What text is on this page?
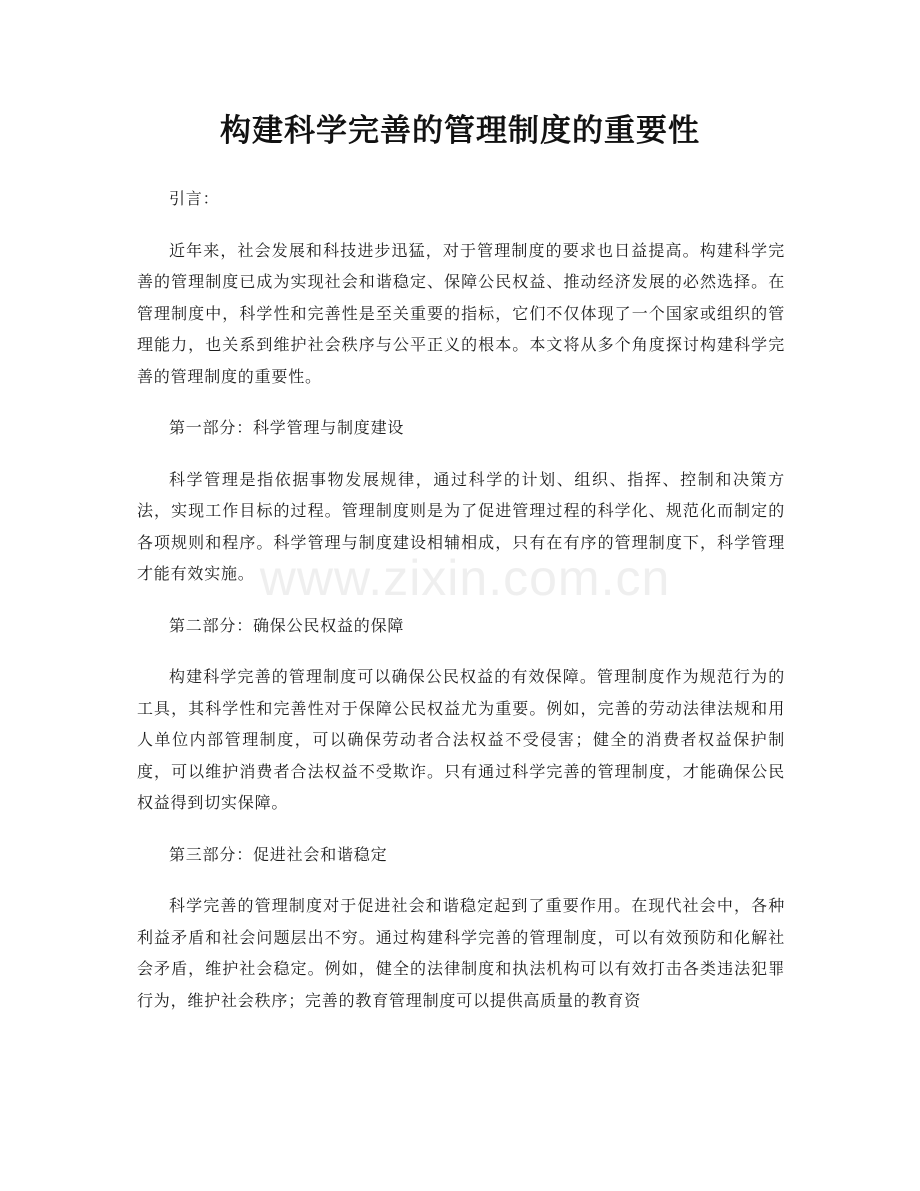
构建科学完善的管理制度的重要性

引言：

近年来，社会发展和科技进步迅猛，对于管理制度的要求也日益提高。构建科学完善的管理制度已成为实现社会和谐稳定、保障公民权益、推动经济发展的必然选择。在管理制度中，科学性和完善性是至关重要的指标，它们不仅体现了一个国家或组织的管理能力，也关系到维护社会秩序与公平正义的根本。本文将从多个角度探讨构建科学完善的管理制度的重要性。

第一部分：科学管理与制度建设

科学管理是指依据事物发展规律，通过科学的计划、组织、指挥、控制和决策方法，实现工作目标的过程。管理制度则是为了促进管理过程的科学化、规范化而制定的各项规则和程序。科学管理与制度建设相辅相成，只有在有序的管理制度下，科学管理才能有效实施。

第二部分：确保公民权益的保障

构建科学完善的管理制度可以确保公民权益的有效保障。管理制度作为规范行为的工具，其科学性和完善性对于保障公民权益尤为重要。例如，完善的劳动法律法规和用人单位内部管理制度，可以确保劳动者合法权益不受侵害；健全的消费者权益保护制度，可以维护消费者合法权益不受欺诈。只有通过科学完善的管理制度，才能确保公民权益得到切实保障。

第三部分：促进社会和谐稳定

科学完善的管理制度对于促进社会和谐稳定起到了重要作用。在现代社会中，各种利益矛盾和社会问题层出不穷。通过构建科学完善的管理制度，可以有效预防和化解社会矛盾，维护社会稳定。例如，健全的法律制度和执法机构可以有效打击各类违法犯罪行为，维护社会秩序；完善的教育管理制度可以提供高质量的教育资

www.zixin.com.cn
